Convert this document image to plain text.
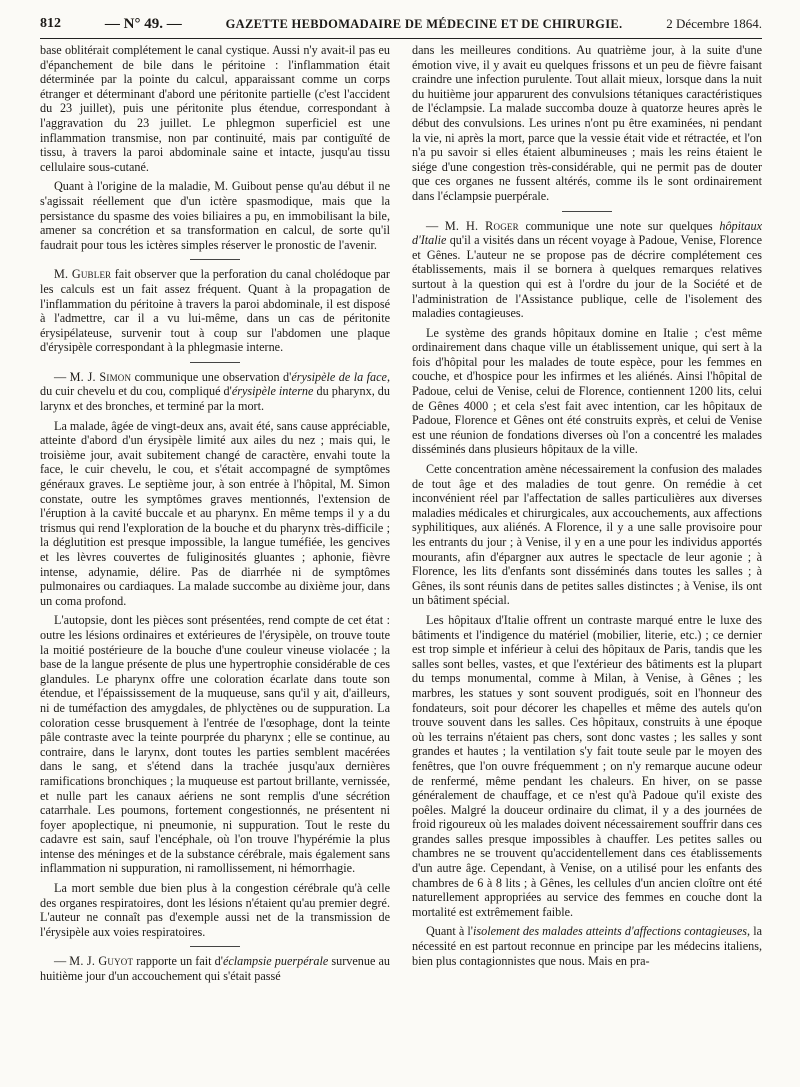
812	— N° 49. —	GAZETTE HEBDOMADAIRE DE MÉDECINE ET DE CHIRURGIE.	2 Décembre 1864.

base oblitérait complétement le canal cystique. Aussi n'y avait-il pas eu d'épanchement de bile dans le péritoine : l'inflammation était déterminée par la pointe du calcul, apparaissant comme un corps étranger et déterminant d'abord une péritonite partielle (c'est l'accident du 23 juillet), puis une péritonite plus étendue, correspondant à l'aggravation du 23 juillet. Le phlegmon superficiel est une inflammation transmise, non par continuité, mais par contiguïté de tissu, à travers la paroi abdominale saine et intacte, jusqu'au tissu cellulaire sous-cutané.

Quant à l'origine de la maladie, M. Guibout pense qu'au début il ne s'agissait réellement que d'un ictère spasmodique, mais que la persistance du spasme des voies biliaires a pu, en immobilisant la bile, amener sa concrétion et sa transformation en calcul, de sorte qu'il faudrait pour tous les ictères simples réserver le pronostic de l'avenir.

M. Gubler fait observer que la perforation du canal cholédoque par les calculs est un fait assez fréquent. Quant à la propagation de l'inflammation du péritoine à travers la paroi abdominale, il est disposé à l'admettre, car il a vu lui-même, dans un cas de péritonite érysipélateuse, survenir tout à coup sur l'abdomen une plaque d'érysipèle correspondant à la phlegmasie interne.

— M. J. Simon communique une observation d'érysipèle de la face, du cuir chevelu et du cou, compliqué d'érysipèle interne du pharynx, du larynx et des bronches, et terminé par la mort.

La malade, âgée de vingt-deux ans, avait été, sans cause appréciable, atteinte d'abord d'un érysipèle limité aux ailes du nez ; mais qui, le troisième jour, avait subitement changé de caractère, envahi toute la face, le cuir chevelu, le cou, et s'était accompagné de symptômes généraux graves. Le septième jour, à son entrée à l'hôpital, M. Simon constate, outre les symptômes graves mentionnés, l'extension de l'éruption à la cavité buccale et au pharynx. En même temps il y a du trismus qui rend l'exploration de la bouche et du pharynx très-difficile ; la déglutition est presque impossible, la langue tuméfiée, les gencives et les lèvres couvertes de fuliginosités gluantes ; aphonie, fièvre intense, adynamie, délire. Pas de diarrhée ni de symptômes pulmonaires ou cardiaques. La malade succombe au dixième jour, dans un coma profond.

L'autopsie, dont les pièces sont présentées, rend compte de cet état : outre les lésions ordinaires et extérieures de l'érysipèle, on trouve toute la moitié postérieure de la bouche d'une couleur vineuse violacée ; la base de la langue présente de plus une hypertrophie considérable de ces glandules. Le pharynx offre une coloration écarlate dans toute son étendue, et l'épaississement de la muqueuse, sans qu'il y ait, d'ailleurs, ni de tuméfaction des amygdales, de phlyctènes ou de suppuration. La coloration cesse brusquement à l'entrée de l'œsophage, dont la teinte pâle contraste avec la teinte pourprée du pharynx ; elle se continue, au contraire, dans le larynx, dont toutes les parties semblent macérées dans le sang, et s'étend dans la trachée jusqu'aux dernières ramifications bronchiques ; la muqueuse est partout brillante, vernissée, et nulle part les canaux aériens ne sont remplis d'une sécrétion catarrhale. Les poumons, fortement congestionnés, ne présentent ni foyer apoplectique, ni pneumonie, ni suppuration. Tout le reste du cadavre est sain, sauf l'encéphale, où l'on trouve l'hypérémie la plus intense des méninges et de la substance cérébrale, mais également sans inflammation ni suppuration, ni ramollissement, ni hémorrhagie.

La mort semble due bien plus à la congestion cérébrale qu'à celle des organes respiratoires, dont les lésions n'étaient qu'au premier degré. L'auteur ne connaît pas d'exemple aussi net de la transmission de l'érysipèle aux voies respiratoires.

— M. J. Guyot rapporte un fait d'éclampsie puerpérale survenue au huitième jour d'un accouchement qui s'était passé

dans les meilleures conditions. Au quatrième jour, à la suite d'une émotion vive, il y avait eu quelques frissons et un peu de fièvre faisant craindre une infection purulente. Tout allait mieux, lorsque dans la nuit du huitième jour apparurent des convulsions tétaniques caractéristiques de l'éclampsie. La malade succomba douze à quatorze heures après le début des convulsions. Les urines n'ont pu être examinées, ni pendant la vie, ni après la mort, parce que la vessie était vide et rétractée, et l'on n'a pu savoir si elles étaient albumineuses ; mais les reins étaient le siége d'une congestion très-considérable, qui ne permit pas de douter que ces organes ne fussent altérés, comme ils le sont ordinairement dans l'éclampsie puerpérale.

— M. H. Roger communique une note sur quelques hôpitaux d'Italie qu'il a visités dans un récent voyage à Padoue, Venise, Florence et Gênes. L'auteur ne se propose pas de décrire complétement ces établissements, mais il se bornera à quelques remarques relatives surtout à la question qui est à l'ordre du jour de la Société et de l'administration de l'Assistance publique, celle de l'isolement des maladies contagieuses.

Le système des grands hôpitaux domine en Italie ; c'est même ordinairement dans chaque ville un établissement unique, qui sert à la fois d'hôpital pour les malades de toute espèce, pour les femmes en couche, et d'hospice pour les infirmes et les aliénés. Ainsi l'hôpital de Padoue, celui de Venise, celui de Florence, contiennent 1200 lits, celui de Gênes 4000 ; et cela s'est fait avec intention, car les hôpitaux de Padoue, Florence et Gênes ont été construits exprès, et celui de Venise est une réunion de fondations diverses où l'on a concentré les malades disséminés dans plusieurs hôpitaux de la ville.

Cette concentration amène nécessairement la confusion des malades de tout âge et des maladies de tout genre. On remédie à cet inconvénient réel par l'affectation de salles particulières aux diverses maladies médicales et chirurgicales, aux accouchements, aux affections syphilitiques, aux aliénés. A Florence, il y a une salle provisoire pour les entrants du jour ; à Venise, il y en a une pour les individus apportés mourants, afin d'épargner aux autres le spectacle de leur agonie ; à Florence, les lits d'enfants sont disséminés dans toutes les salles ; à Gênes, ils sont réunis dans de petites salles distinctes ; à Venise, ils ont un bâtiment spécial.

Les hôpitaux d'Italie offrent un contraste marqué entre le luxe des bâtiments et l'indigence du matériel (mobilier, literie, etc.) ; ce dernier est trop simple et inférieur à celui des hôpitaux de Paris, tandis que les salles sont belles, vastes, et que l'extérieur des bâtiments est la plupart du temps monumental, comme à Milan, à Venise, à Gênes ; les marbres, les statues y sont souvent prodigués, soit en l'honneur des fondateurs, soit pour décorer les chapelles et même des autels qu'on trouve souvent dans les salles. Ces hôpitaux, construits à une époque où les terrains n'étaient pas chers, sont donc vastes ; les salles y sont grandes et hautes ; la ventilation s'y fait toute seule par le moyen des fenêtres, que l'on ouvre fréquemment ; on n'y remarque aucune odeur de renfermé, même pendant les chaleurs. En hiver, on se passe généralement de chauffage, et ce n'est qu'à Padoue qu'il existe des poêles. Malgré la douceur ordinaire du climat, il y a des journées de froid rigoureux où les malades doivent nécessairement souffrir dans ces grandes salles presque impossibles à chauffer. Les petites salles ou chambres ne se trouvent qu'accidentellement dans ces établissements d'un autre âge. Cependant, à Venise, on a utilisé pour les enfants des chambres de 6 à 8 lits ; à Gênes, les cellules d'un ancien cloître ont été naturellement appropriées au service des femmes en couche dont la mortalité est extrêmement faible.

Quant à l'isolement des malades atteints d'affections contagieuses, la nécessité en est partout reconnue en principe par les médecins italiens, bien plus contagionnistes que nous. Mais en pra-
